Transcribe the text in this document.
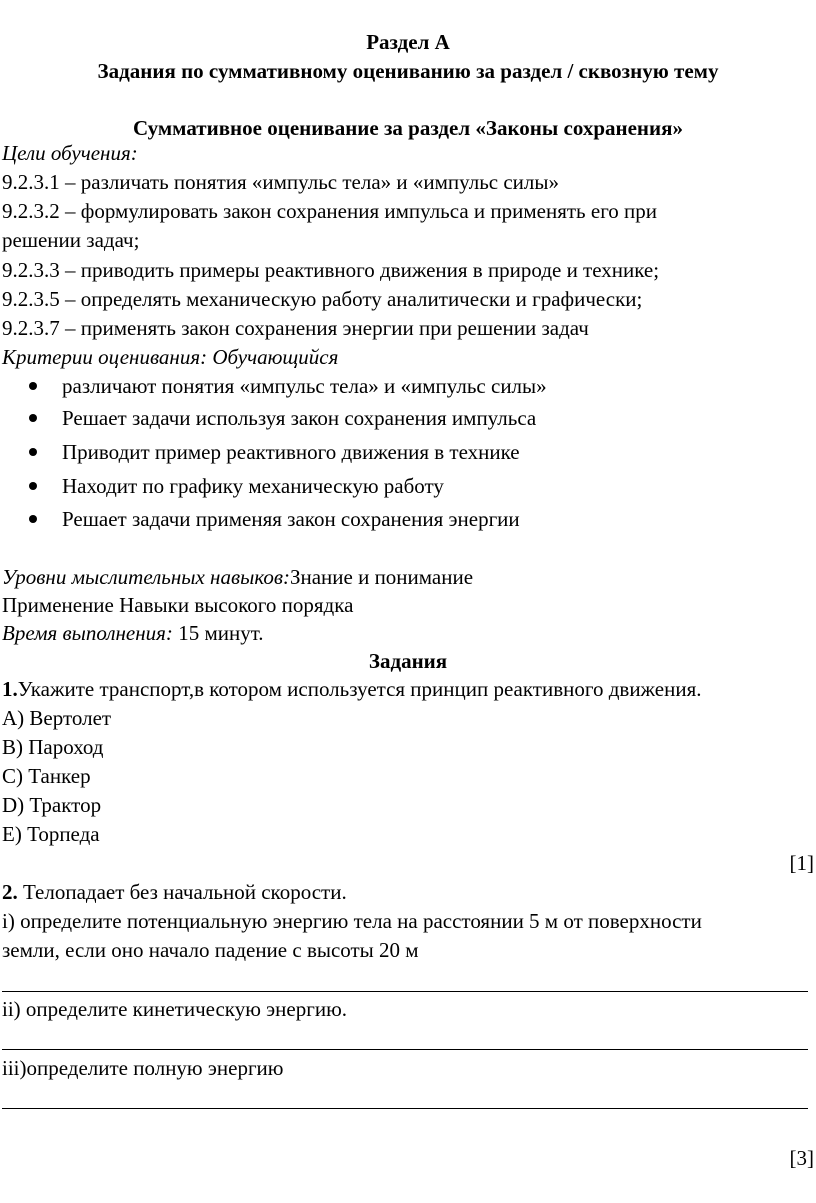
Раздел А
Задания по суммативному оцениванию за раздел / сквозную тему
Суммативное оценивание за раздел «Законы сохранения»
Цели обучения:
9.2.3.1 – различать понятия «импульс тела» и «импульс силы»
9.2.3.2 – формулировать закон сохранения импульса и применять его при
решении задач;
9.2.3.3 – приводить примеры реактивного движения в природе и технике;
9.2.3.5 – определять механическую работу аналитически и графически;
9.2.3.7 – применять закон сохранения энергии при решении задач
Критерии оценивания: Обучающийся
различают понятия «импульс тела» и «импульс силы»
Решает задачи используя закон сохранения импульса
Приводит пример реактивного движения в технике
Находит по графику механическую работу
Решает задачи применяя закон сохранения энергии
Уровни мыслительных навыков:Знание и понимание
Применение Навыки высокого порядка
Время выполнения: 15 минут.
Задания
1.Укажите транспорт,в котором используется принцип реактивного движения.
A) Вертолет
B) Пароход
C) Танкер
D) Трактор
E) Торпеда
[1]
2. Телопадает без начальной скорости.
i) определите потенциальную энергию тела на расстоянии 5 м от поверхности
земли, если оно начало падение с высоты 20 м
ii) определите кинетическую энергию.
iii)определите полную энергию
[3]
